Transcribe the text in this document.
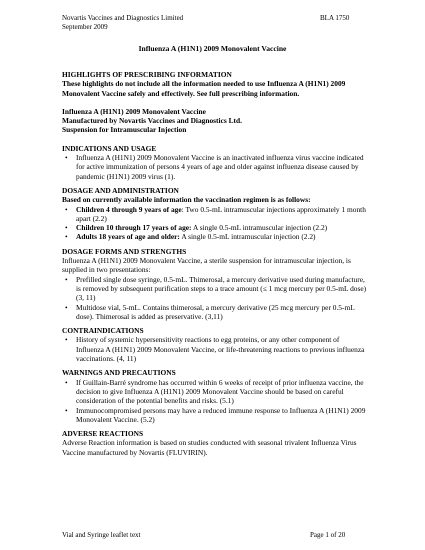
Novartis Vaccines and Diagnostics Limited
September 2009
BLA 1750
Influenza A (H1N1) 2009 Monovalent Vaccine

HIGHLIGHTS OF PRESCRIBING INFORMATION

These highlights do not include all the information needed to use Influenza A (H1N1) 2009 Monovalent Vaccine safely and effectively. See full prescribing information.

Influenza A (H1N1) 2009 Monovalent Vaccine

Manufactured by Novartis Vaccines and Diagnostics Ltd.

Suspension for Intramuscular Injection

INDICATIONS AND USAGE

• Influenza A (H1N1) 2009 Monovalent Vaccine is an inactivated influenza virus vaccine indicated for active immunization of persons 4 years of age and older against influenza disease caused by pandemic (H1N1) 2009 virus (1).

DOSAGE AND ADMINISTRATION

Based on currently available information the vaccination regimen is as follows:

• Children 4 through 9 years of age: Two 0.5-mL intramuscular injections approximately 1 month apart (2.2)
• Children 10 through 17 years of age: A single 0.5-mL intramuscular injection (2.2)
• Adults 18 years of age and older: A single 0.5-mL intramuscular injection (2.2)

DOSAGE FORMS AND STRENGTHS

Influenza A (H1N1) 2009 Monovalent Vaccine, a sterile suspension for intramuscular injection, is supplied in two presentations:

• Prefilled single dose syringe, 0.5-mL. Thimerosal, a mercury derivative used during manufacture, is removed by subsequent purification steps to a trace amount (≤ 1 mcg mercury per 0.5-mL dose) (3, 11)
• Multidose vial, 5-mL. Contains thimerosal, a mercury derivative (25 mcg mercury per 0.5-mL dose). Thimerosal is added as preservative. (3,11)

CONTRAINDICATIONS

• History of systemic hypersensitivity reactions to egg proteins, or any other component of Influenza A (H1N1) 2009 Monovalent Vaccine, or life-threatening reactions to previous influenza vaccinations. (4, 11)

WARNINGS AND PRECAUTIONS

• If Guillain-Barré syndrome has occurred within 6 weeks of receipt of prior influenza vaccine, the decision to give Influenza A (H1N1) 2009 Monovalent Vaccine should be based on careful consideration of the potential benefits and risks. (5.1)
• Immunocompromised persons may have a reduced immune response to Influenza A (H1N1) 2009 Monovalent Vaccine. (5.2)

ADVERSE REACTIONS

Adverse Reaction information is based on studies conducted with seasonal trivalent Influenza Virus Vaccine manufactured by Novartis (FLUVIRIN).

Vial and Syringe leaflet text	Page 1 of 20
